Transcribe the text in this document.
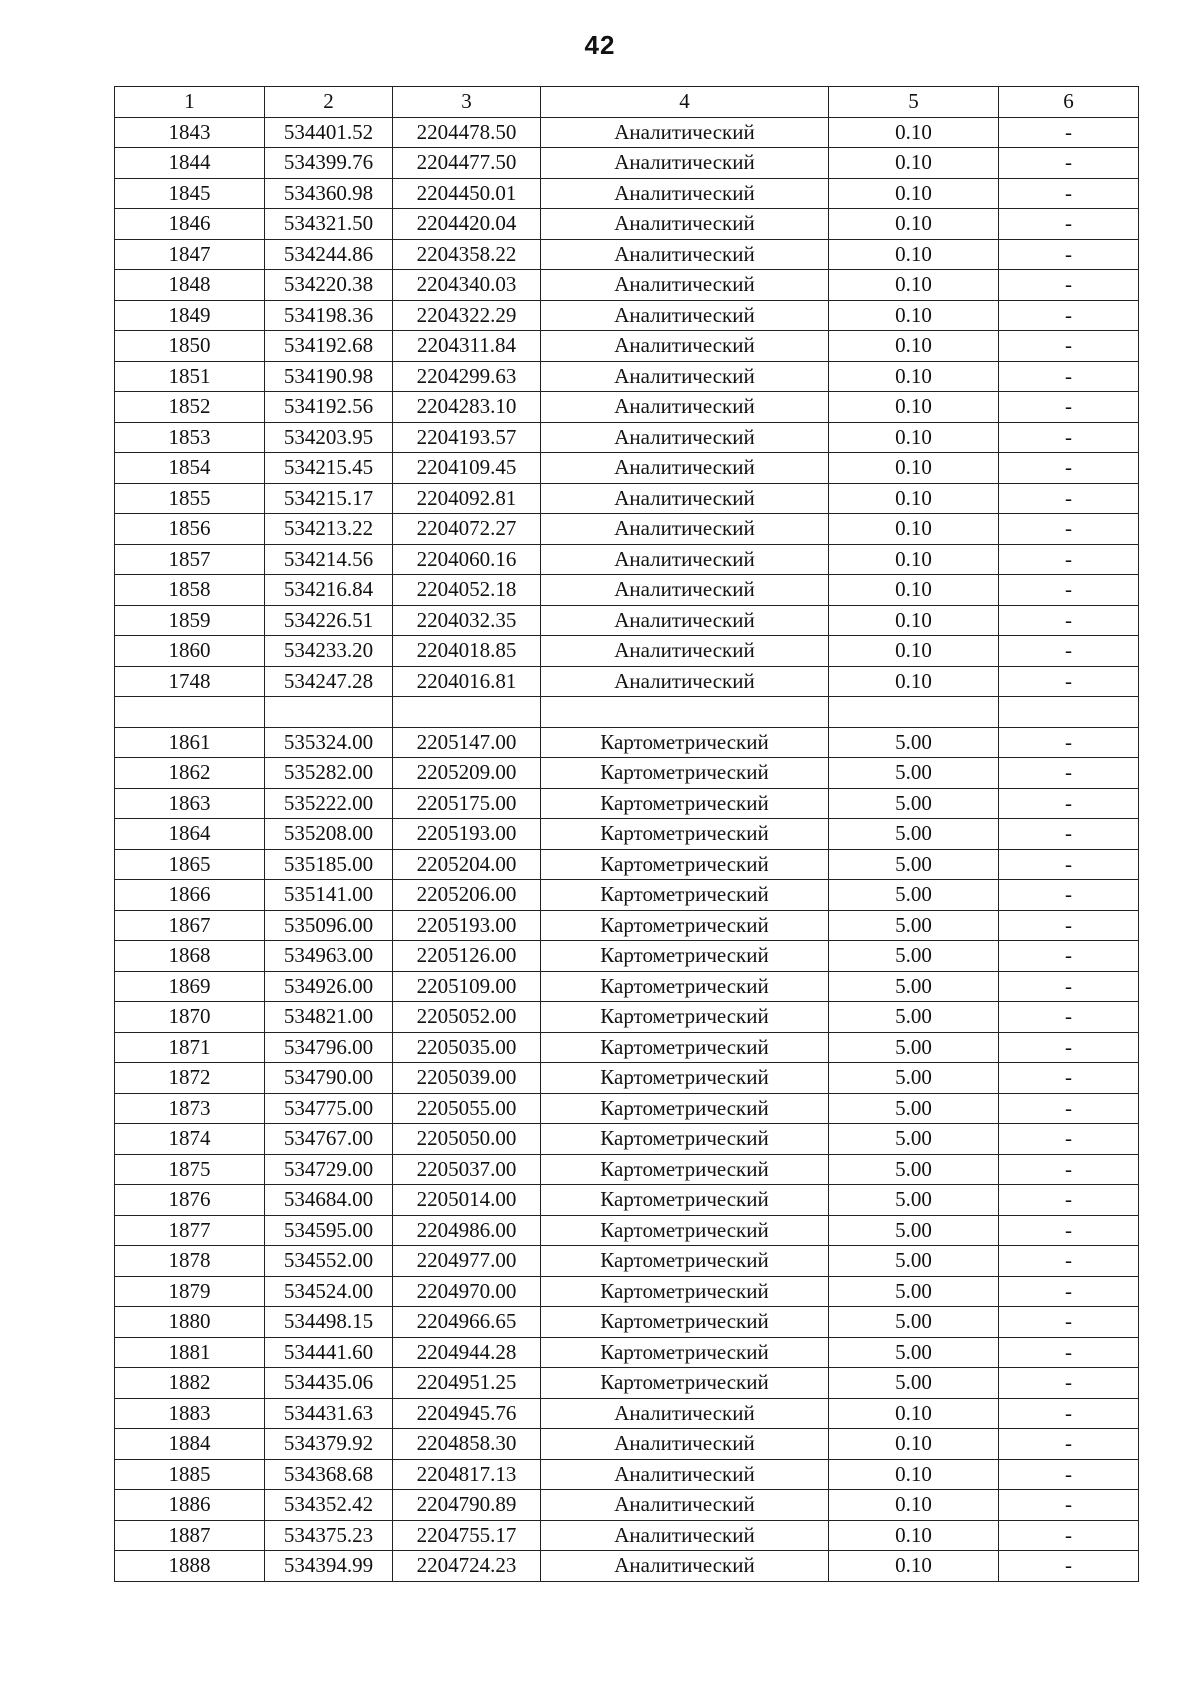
42
1	2	3	4	5	6
1843	534401.52	2204478.50	Аналитический	0.10	-
1844	534399.76	2204477.50	Аналитический	0.10	-
1845	534360.98	2204450.01	Аналитический	0.10	-
1846	534321.50	2204420.04	Аналитический	0.10	-
1847	534244.86	2204358.22	Аналитический	0.10	-
1848	534220.38	2204340.03	Аналитический	0.10	-
1849	534198.36	2204322.29	Аналитический	0.10	-
1850	534192.68	2204311.84	Аналитический	0.10	-
1851	534190.98	2204299.63	Аналитический	0.10	-
1852	534192.56	2204283.10	Аналитический	0.10	-
1853	534203.95	2204193.57	Аналитический	0.10	-
1854	534215.45	2204109.45	Аналитический	0.10	-
1855	534215.17	2204092.81	Аналитический	0.10	-
1856	534213.22	2204072.27	Аналитический	0.10	-
1857	534214.56	2204060.16	Аналитический	0.10	-
1858	534216.84	2204052.18	Аналитический	0.10	-
1859	534226.51	2204032.35	Аналитический	0.10	-
1860	534233.20	2204018.85	Аналитический	0.10	-
1748	534247.28	2204016.81	Аналитический	0.10	-

1861	535324.00	2205147.00	Картометрический	5.00	-
1862	535282.00	2205209.00	Картометрический	5.00	-
1863	535222.00	2205175.00	Картометрический	5.00	-
1864	535208.00	2205193.00	Картометрический	5.00	-
1865	535185.00	2205204.00	Картометрический	5.00	-
1866	535141.00	2205206.00	Картометрический	5.00	-
1867	535096.00	2205193.00	Картометрический	5.00	-
1868	534963.00	2205126.00	Картометрический	5.00	-
1869	534926.00	2205109.00	Картометрический	5.00	-
1870	534821.00	2205052.00	Картометрический	5.00	-
1871	534796.00	2205035.00	Картометрический	5.00	-
1872	534790.00	2205039.00	Картометрический	5.00	-
1873	534775.00	2205055.00	Картометрический	5.00	-
1874	534767.00	2205050.00	Картометрический	5.00	-
1875	534729.00	2205037.00	Картометрический	5.00	-
1876	534684.00	2205014.00	Картометрический	5.00	-
1877	534595.00	2204986.00	Картометрический	5.00	-
1878	534552.00	2204977.00	Картометрический	5.00	-
1879	534524.00	2204970.00	Картометрический	5.00	-
1880	534498.15	2204966.65	Картометрический	5.00	-
1881	534441.60	2204944.28	Картометрический	5.00	-
1882	534435.06	2204951.25	Картометрический	5.00	-
1883	534431.63	2204945.76	Аналитический	0.10	-
1884	534379.92	2204858.30	Аналитический	0.10	-
1885	534368.68	2204817.13	Аналитический	0.10	-
1886	534352.42	2204790.89	Аналитический	0.10	-
1887	534375.23	2204755.17	Аналитический	0.10	-
1888	534394.99	2204724.23	Аналитический	0.10	-
